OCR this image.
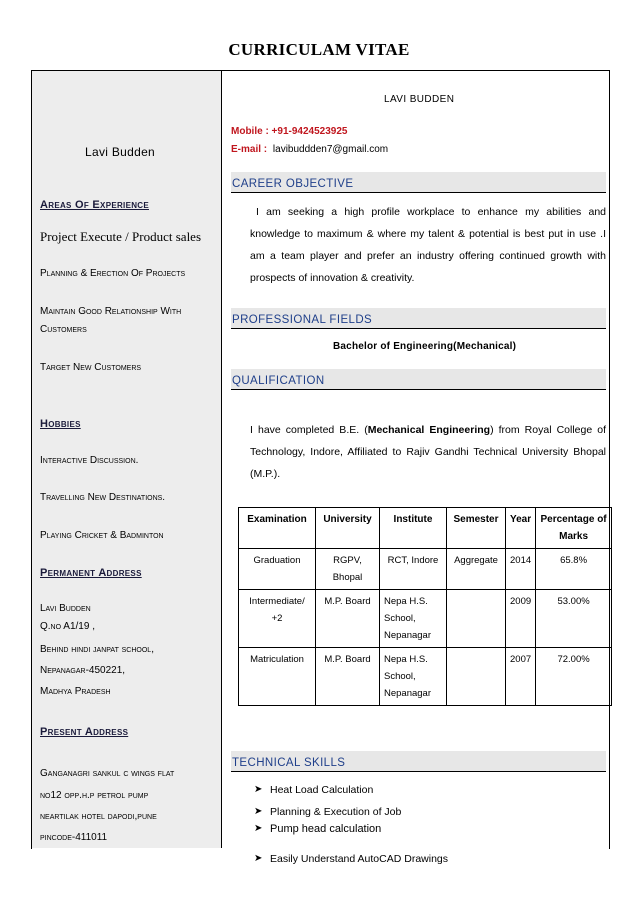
CURRICULAM VITAE
Lavi Budden
Areas Of Experience
Project Execute / Product sales
Planning & Erection Of Projects
Maintain Good Relationship With
Customers
Target New Customers
Hobbies
Interactive Discussion.
Travelling New Destinations.
Playing Cricket & Badminton
Permanent Address
Lavi Budden
Q.no A1/19 ,
Behind hindi janpat school,
Nepanagar-450221,
Madhya Pradesh
Present Address
Ganganagri sankul c wings flat
no12 opp.h.p petrol pump
neartilak hotel dapodi,pune
pincode-411011
LAVI BUDDEN
Mobile : +91-9424523925
E-mail : lavibuddden7@gmail.com
CAREER OBJECTIVE
I am seeking a high profile workplace to enhance my abilities and knowledge to maximum & where my talent & potential is best put in use .I am a team player and prefer an industry offering continued growth with prospects of innovation & creativity.
PROFESSIONAL FIELDS
Bachelor of Engineering(Mechanical)
QUALIFICATION
I have completed B.E. (Mechanical Engineering) from Royal College of Technology, Indore, Affiliated to Rajiv Gandhi Technical University Bhopal (M.P.).
Examination	University	Institute	Semester	Year	Percentage of Marks
Graduation	RGPV, Bhopal	RCT, Indore	Aggregate	2014	65.8%
Intermediate/ +2	M.P. Board	Nepa H.S. School, Nepanagar		2009	53.00%
Matriculation	M.P. Board	Nepa H.S. School, Nepanagar		2007	72.00%
TECHNICAL SKILLS
➤ Heat Load Calculation
➤ Planning & Execution of Job
➤ Pump head calculation
➤ Easily Understand AutoCAD Drawings
